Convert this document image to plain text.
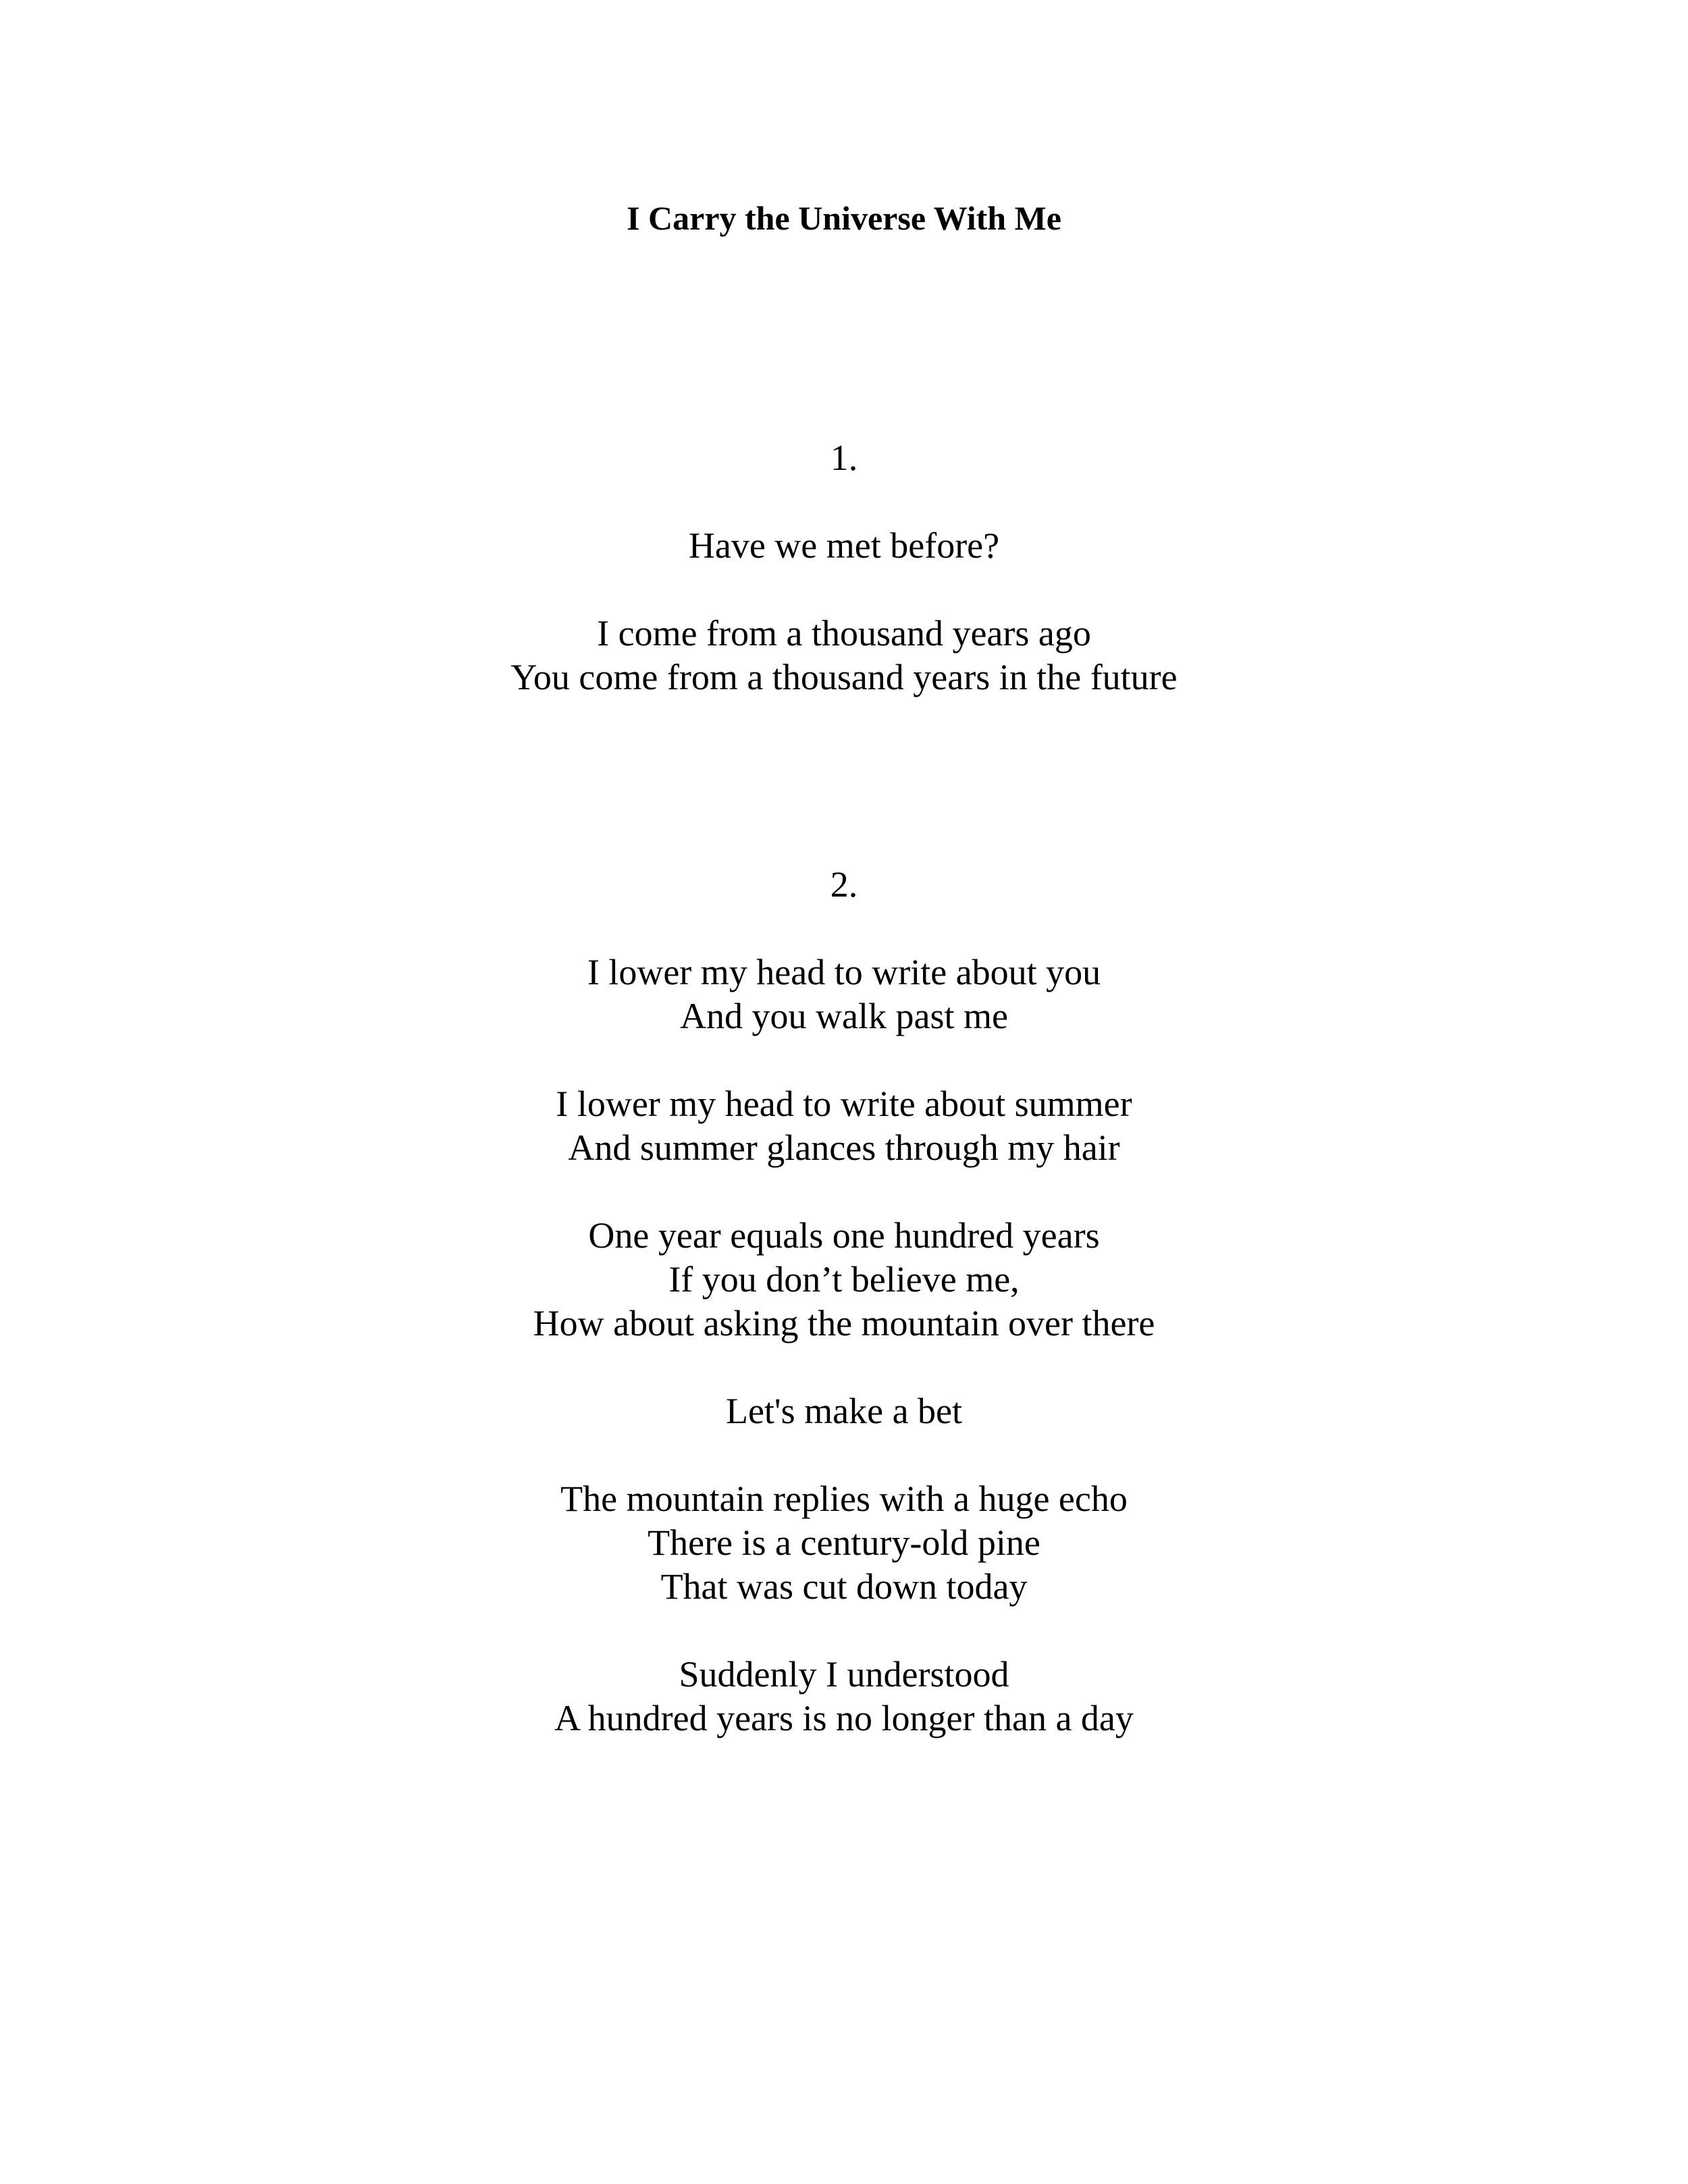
I Carry the Universe With Me
1.
Have we met before?
I come from a thousand years ago
You come from a thousand years in the future
2.
I lower my head to write about you
And you walk past me
I lower my head to write about summer
And summer glances through my hair
One year equals one hundred years
If you don’t believe me,
How about asking the mountain over there
Let's make a bet
The mountain replies with a huge echo
There is a century-old pine
That was cut down today
Suddenly I understood
A hundred years is no longer than a day
